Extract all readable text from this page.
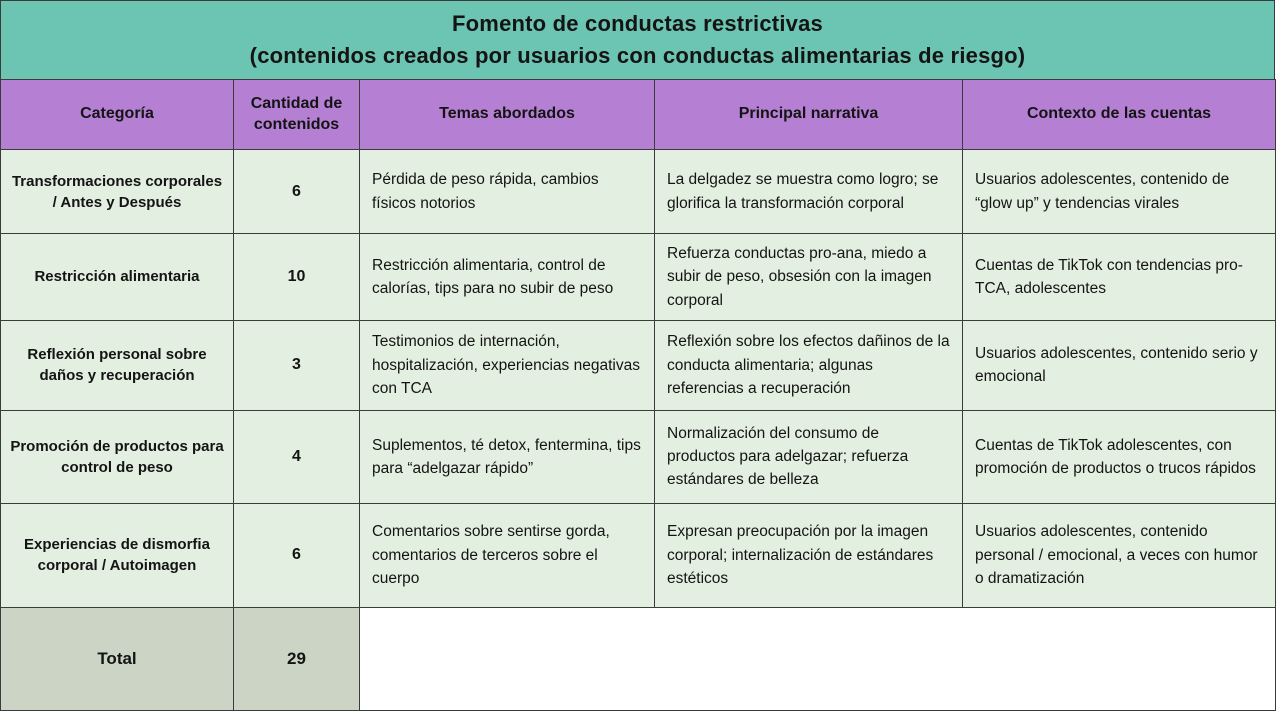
Fomento de conductas restrictivas
(contenidos creados por usuarios con conductas alimentarias de riesgo)
Categoría	Cantidad de contenidos	Temas abordados	Principal narrativa	Contexto de las cuentas
Transformaciones corporales / Antes y Después	6	Pérdida de peso rápida, cambios físicos notorios	La delgadez se muestra como logro; se glorifica la transformación corporal	Usuarios adolescentes, contenido de “glow up” y tendencias virales
Restricción alimentaria	10	Restricción alimentaria, control de calorías, tips para no subir de peso	Refuerza conductas pro-ana, miedo a subir de peso, obsesión con la imagen corporal	Cuentas de TikTok con tendencias pro-TCA, adolescentes
Reflexión personal sobre daños y recuperación	3	Testimonios de internación, hospitalización, experiencias negativas con TCA	Reflexión sobre los efectos dañinos de la conducta alimentaria; algunas referencias a recuperación	Usuarios adolescentes, contenido serio y emocional
Promoción de productos para control de peso	4	Suplementos, té detox, fentermina, tips para “adelgazar rápido”	Normalización del consumo de productos para adelgazar; refuerza estándares de belleza	Cuentas de TikTok adolescentes, con promoción de productos o trucos rápidos
Experiencias de dismorfia corporal / Autoimagen	6	Comentarios sobre sentirse gorda, comentarios de terceros sobre el cuerpo	Expresan preocupación por la imagen corporal; internalización de estándares estéticos	Usuarios adolescentes, contenido personal / emocional, a veces con humor o dramatización
Total	29			
